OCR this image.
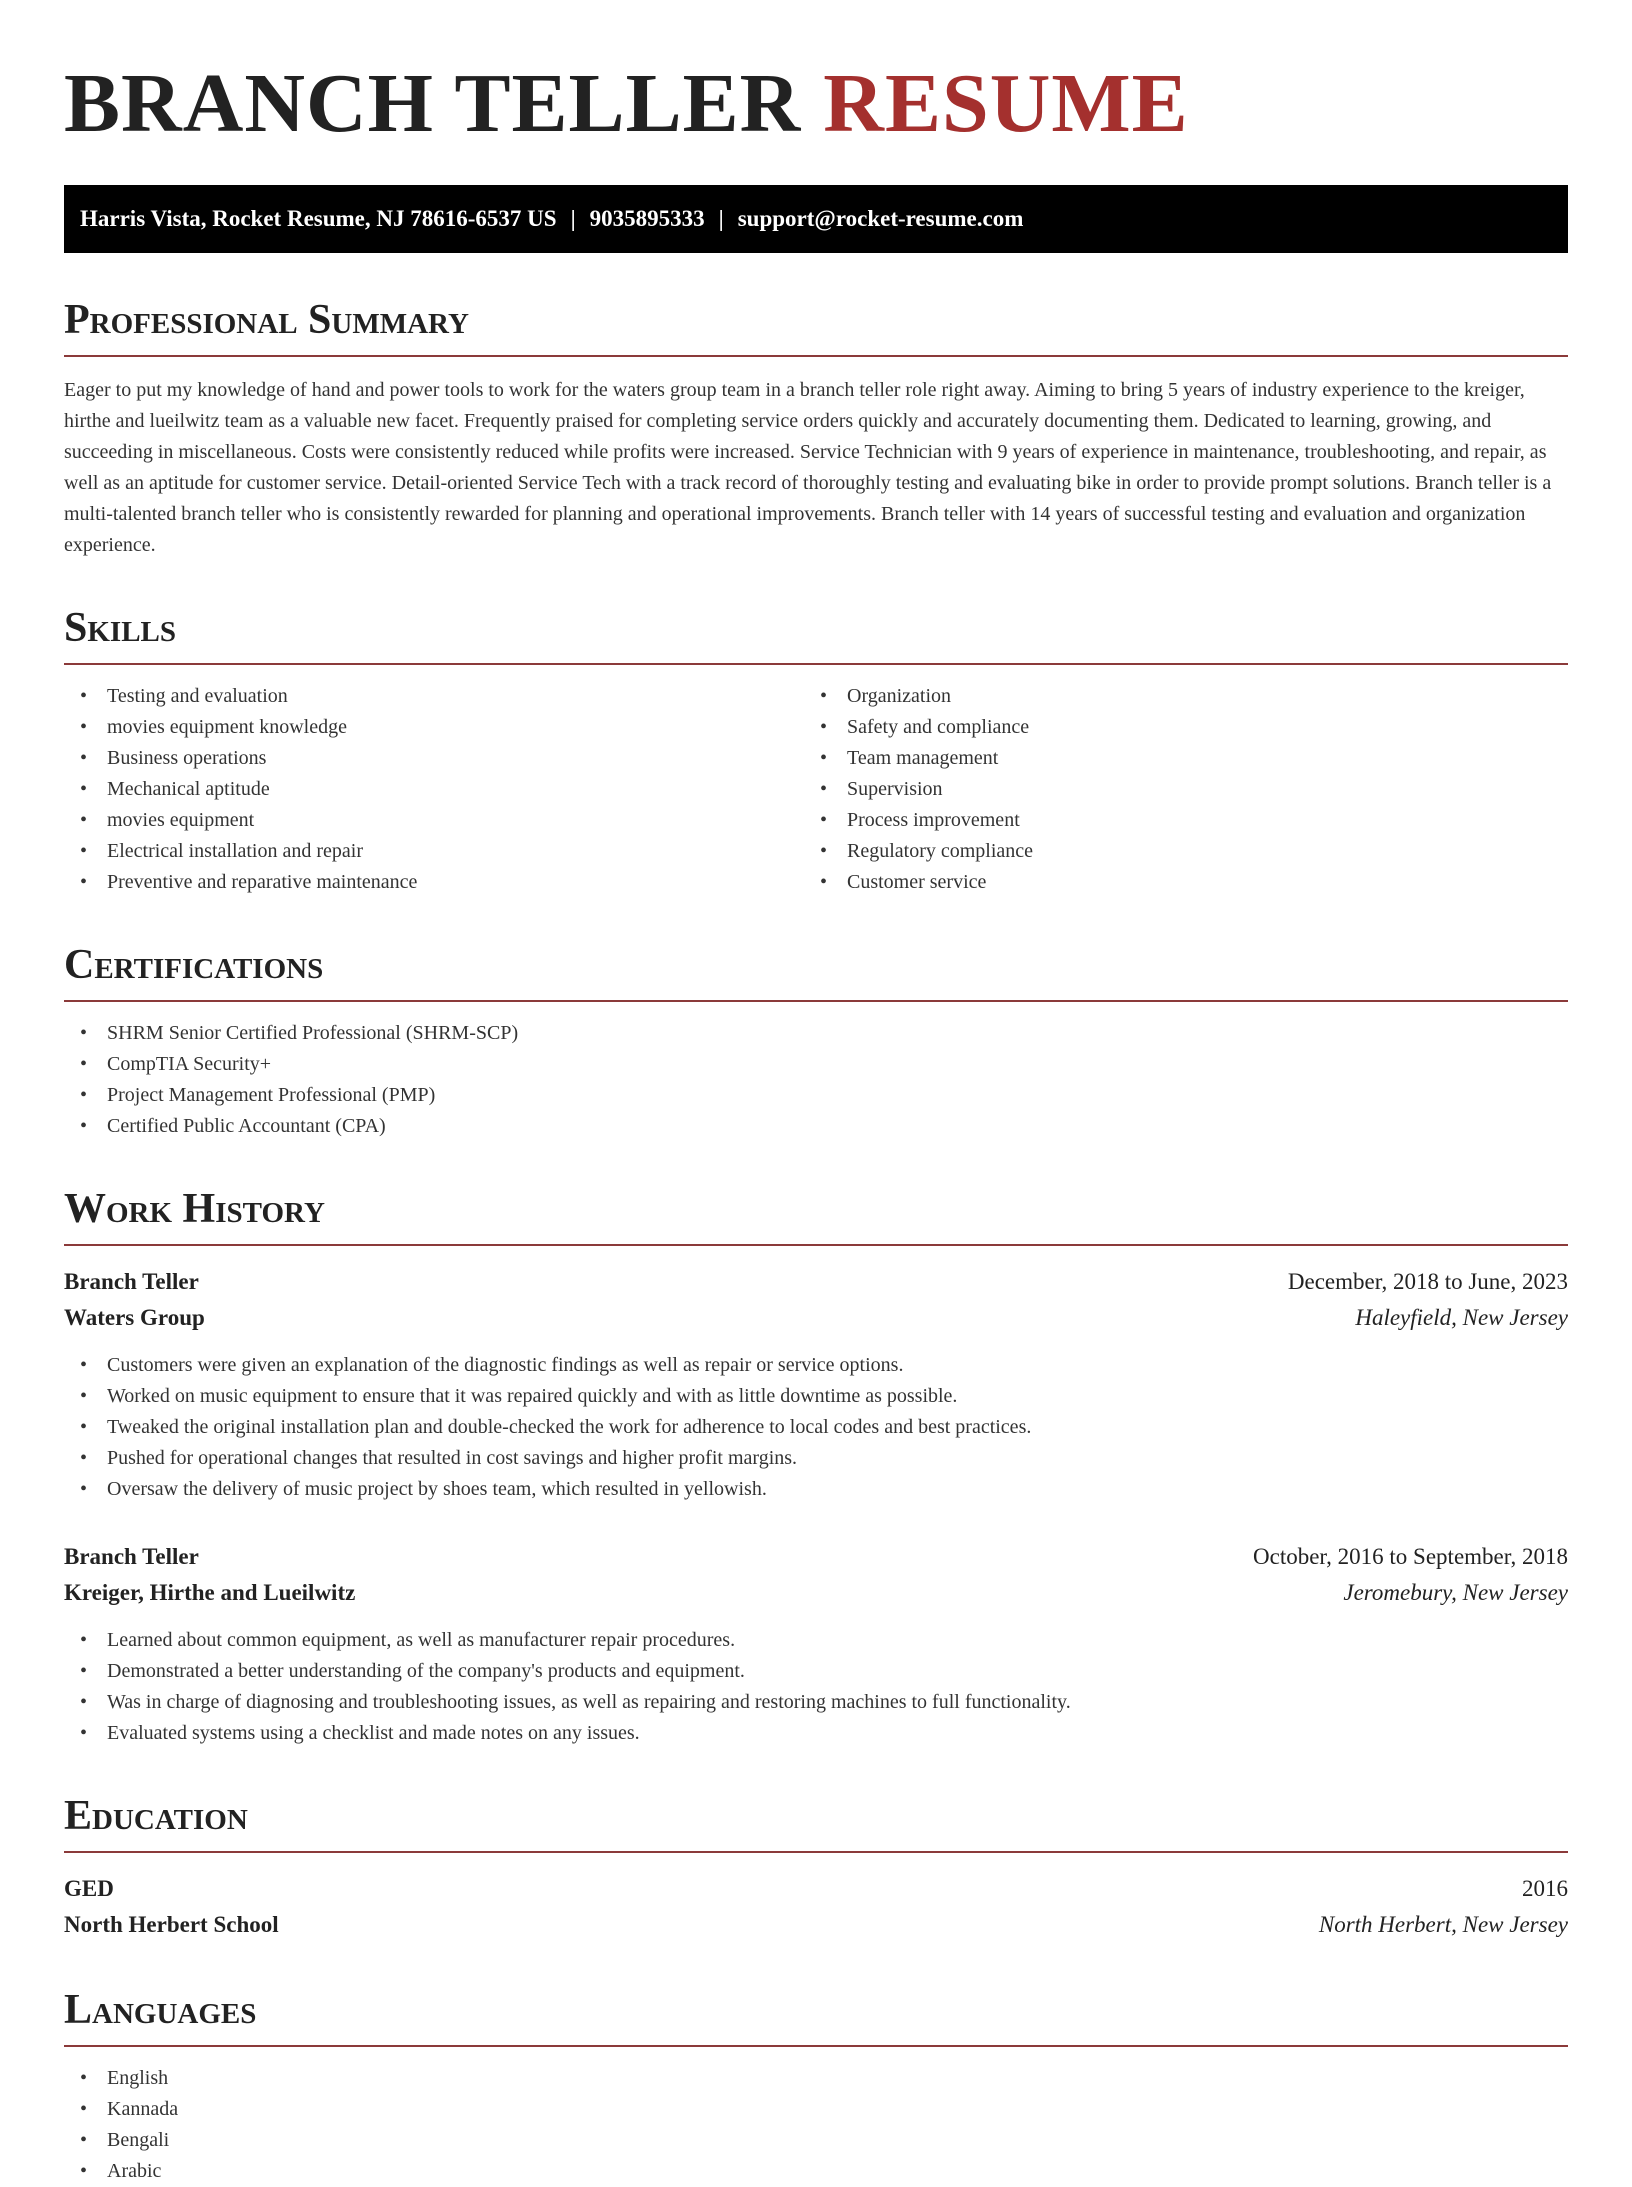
BRANCH TELLER RESUME
Harris Vista, Rocket Resume, NJ 78616-6537 US | 9035895333 | support@rocket-resume.com
Professional Summary

Eager to put my knowledge of hand and power tools to work for the waters group team in a branch teller role right away. Aiming to bring 5 years of industry experience to the kreiger, hirthe and lueilwitz team as a valuable new facet. Frequently praised for completing service orders quickly and accurately documenting them. Dedicated to learning, growing, and succeeding in miscellaneous. Costs were consistently reduced while profits were increased. Service Technician with 9 years of experience in maintenance, troubleshooting, and repair, as well as an aptitude for customer service. Detail-oriented Service Tech with a track record of thoroughly testing and evaluating bike in order to provide prompt solutions. Branch teller is a multi-talented branch teller who is consistently rewarded for planning and operational improvements. Branch teller with 14 years of successful testing and evaluation and organization experience.

Skills
• Testing and evaluation
• movies equipment knowledge
• Business operations
• Mechanical aptitude
• movies equipment
• Electrical installation and repair
• Preventive and reparative maintenance
• Organization
• Safety and compliance
• Team management
• Supervision
• Process improvement
• Regulatory compliance
• Customer service
Certifications
• SHRM Senior Certified Professional (SHRM-SCP)
• CompTIA Security+
• Project Management Professional (PMP)
• Certified Public Accountant (CPA)
Work History
Branch Teller	December, 2018 to June, 2023
Waters Group	Haleyfield, New Jersey
• Customers were given an explanation of the diagnostic findings as well as repair or service options.
• Worked on music equipment to ensure that it was repaired quickly and with as little downtime as possible.
• Tweaked the original installation plan and double-checked the work for adherence to local codes and best practices.
• Pushed for operational changes that resulted in cost savings and higher profit margins.
• Oversaw the delivery of music project by shoes team, which resulted in yellowish.
Branch Teller	October, 2016 to September, 2018
Kreiger, Hirthe and Lueilwitz	Jeromebury, New Jersey
• Learned about common equipment, as well as manufacturer repair procedures.
• Demonstrated a better understanding of the company's products and equipment.
• Was in charge of diagnosing and troubleshooting issues, as well as repairing and restoring machines to full functionality.
• Evaluated systems using a checklist and made notes on any issues.
Education
GED	2016
North Herbert School	North Herbert, New Jersey
Languages
• English
• Kannada
• Bengali
• Arabic
